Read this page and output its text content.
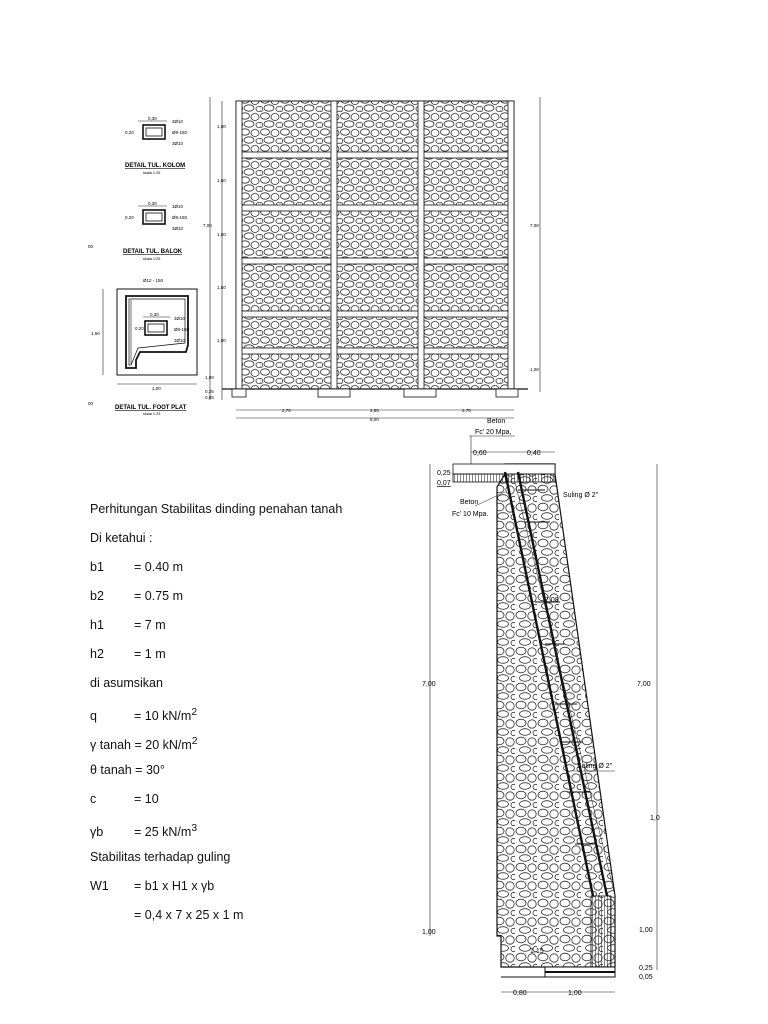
0,30
0,20
3Ø10
Ø8-150
3Ø10
DETAIL TUL. KOLOM
skala 1:25
0,30
0,20
3Ø10
Ø8-150
3Ø10
DETAIL TUL. BALOK
skala 1:25
Ø12 - 150
0,30
0,20
3Ø10
Ø8-150
3Ø10
1,50
1,00
DETAIL TUL. FOOT PLAT
skala 1:25
00
00
1,00
1,50
1,50
1,50
1,00
7,00
1,00
0,25
0,05
7,00
1,00
2,75	2,50	2,75
8,00	Beton
Fc' 20 Mpa,
0,60	0,40
0,25
0,07
Suling Ø 2"
Beton
Fc' 10 Mpa.
7,08
7,00	7,00
Suling Ø 2"
1,0
1,00	1,00
1,15
0,25
0,05
0,80	1,00
Perhitungan Stabilitas dinding penahan tanah
Di ketahui :
b1 = 0.40 m
b2 = 0.75 m
h1 = 7 m
h2 = 1 m
di asumsikan
q	= 10 $kN/m^2$
γ tanah = 20 $kN/m^2$
θ tanah = 30°
c	= 10
γb = 25 $kN/m^3$
Stabilitas terhadap guling
W1 = b1 x H1 x γb
= 0,4 x 7 x 25 x 1 m
